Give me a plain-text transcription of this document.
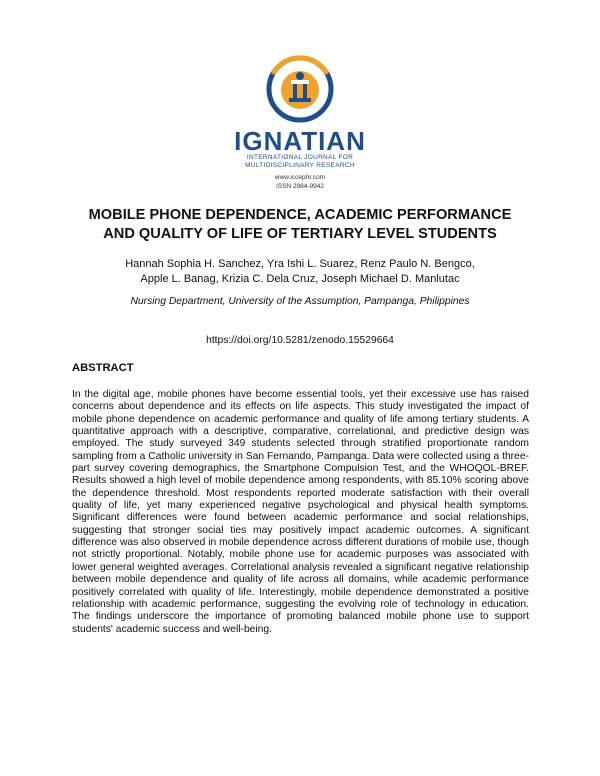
IGNATIAN
INTERNATIONAL JOURNAL FOR
MULTIDISCIPLINARY RESEARCH
www.iccephr.com
ISSN 2984-9942
MOBILE PHONE DEPENDENCE, ACADEMIC PERFORMANCE
AND QUALITY OF LIFE OF TERTIARY LEVEL STUDENTS
Hannah Sophia H. Sanchez, Yra Ishi L. Suarez, Renz Paulo N. Bengco,
Apple L. Banag, Krizia C. Dela Cruz, Joseph Michael D. Manlutac
Nursing Department, University of the Assumption, Pampanga, Philippines
https://doi.org/10.5281/zenodo.15529664
ABSTRACT
In the digital age, mobile phones have become essential tools, yet their excessive use has raised concerns about dependence and its effects on life aspects. This study investigated the impact of mobile phone dependence on academic performance and quality of life among tertiary students. A quantitative approach with a descriptive, comparative, correlational, and predictive design was employed. The study surveyed 349 students selected through stratified proportionate random sampling from a Catholic university in San Fernando, Pampanga. Data were collected using a three-part survey covering demographics, the Smartphone Compulsion Test, and the WHOQOL-BREF. Results showed a high level of mobile dependence among respondents, with 85.10% scoring above the dependence threshold. Most respondents reported moderate satisfaction with their overall quality of life, yet many experienced negative psychological and physical health symptoms. Significant differences were found between academic performance and social relationships, suggesting that stronger social ties may positively impact academic outcomes. A significant difference was also observed in mobile dependence across different durations of mobile use, though not strictly proportional. Notably, mobile phone use for academic purposes was associated with lower general weighted averages. Correlational analysis revealed a significant negative relationship between mobile dependence and quality of life across all domains, while academic performance positively correlated with quality of life. Interestingly, mobile dependence demonstrated a positive relationship with academic performance, suggesting the evolving role of technology in education. The findings underscore the importance of promoting balanced mobile phone use to support students' academic success and well-being.
